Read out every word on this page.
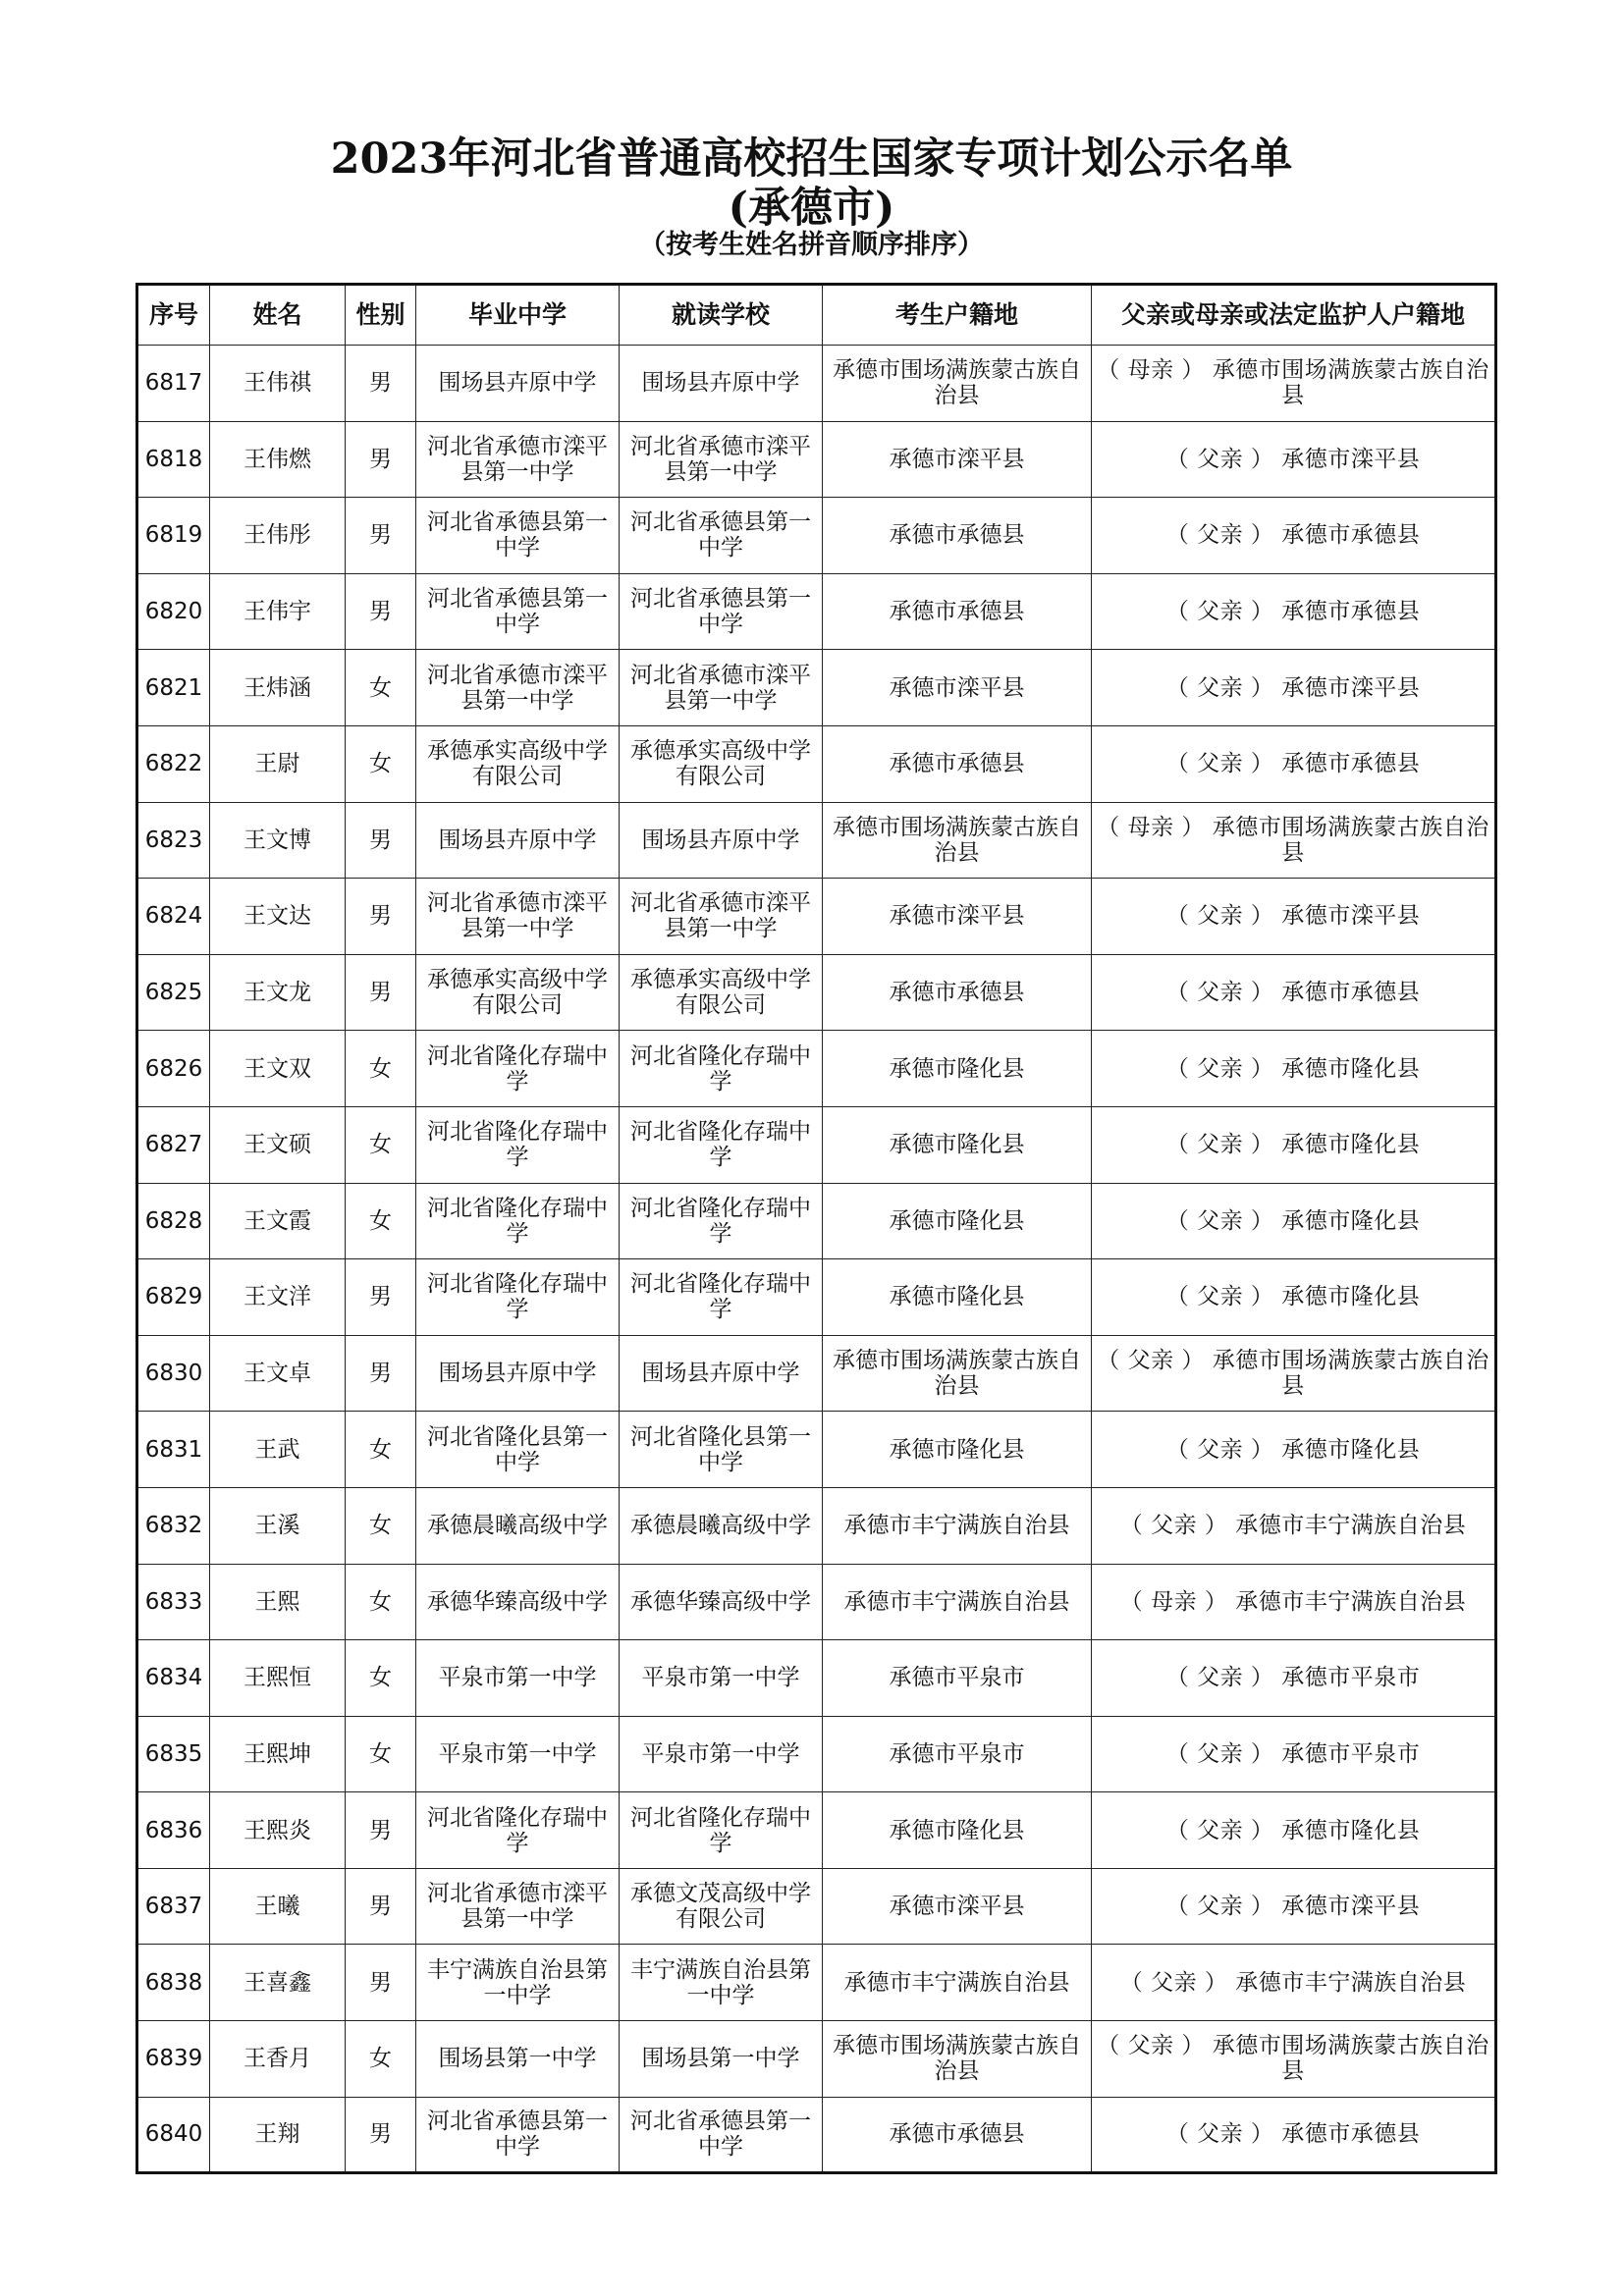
2023年河北省普通高校招生国家专项计划公示名单
(承德市)
（按考生姓名拼音顺序排序）
序号	姓名	性别	毕业中学	就读学校	考生户籍地	父亲或母亲或法定监护人户籍地
6817	王伟祺	男	围场县卉原中学	围场县卉原中学	承德市围场满族蒙古族自治县	（ 母亲 ） 承德市围场满族蒙古族自治县
6818	王伟燃	男	河北省承德市滦平县第一中学	河北省承德市滦平县第一中学	承德市滦平县	（ 父亲 ） 承德市滦平县
6819	王伟彤	男	河北省承德县第一中学	河北省承德县第一中学	承德市承德县	（ 父亲 ） 承德市承德县
6820	王伟宇	男	河北省承德县第一中学	河北省承德县第一中学	承德市承德县	（ 父亲 ） 承德市承德县
6821	王炜涵	女	河北省承德市滦平县第一中学	河北省承德市滦平县第一中学	承德市滦平县	（ 父亲 ） 承德市滦平县
6822	王尉	女	承德承实高级中学有限公司	承德承实高级中学有限公司	承德市承德县	（ 父亲 ） 承德市承德县
6823	王文博	男	围场县卉原中学	围场县卉原中学	承德市围场满族蒙古族自治县	（ 母亲 ） 承德市围场满族蒙古族自治县
6824	王文达	男	河北省承德市滦平县第一中学	河北省承德市滦平县第一中学	承德市滦平县	（ 父亲 ） 承德市滦平县
6825	王文龙	男	承德承实高级中学有限公司	承德承实高级中学有限公司	承德市承德县	（ 父亲 ） 承德市承德县
6826	王文双	女	河北省隆化存瑞中学	河北省隆化存瑞中学	承德市隆化县	（ 父亲 ） 承德市隆化县
6827	王文硕	女	河北省隆化存瑞中学	河北省隆化存瑞中学	承德市隆化县	（ 父亲 ） 承德市隆化县
6828	王文霞	女	河北省隆化存瑞中学	河北省隆化存瑞中学	承德市隆化县	（ 父亲 ） 承德市隆化县
6829	王文洋	男	河北省隆化存瑞中学	河北省隆化存瑞中学	承德市隆化县	（ 父亲 ） 承德市隆化县
6830	王文卓	男	围场县卉原中学	围场县卉原中学	承德市围场满族蒙古族自治县	（ 父亲 ） 承德市围场满族蒙古族自治县
6831	王武	女	河北省隆化县第一中学	河北省隆化县第一中学	承德市隆化县	（ 父亲 ） 承德市隆化县
6832	王溪	女	承德晨曦高级中学	承德晨曦高级中学	承德市丰宁满族自治县	（ 父亲 ） 承德市丰宁满族自治县
6833	王熙	女	承德华臻高级中学	承德华臻高级中学	承德市丰宁满族自治县	（ 母亲 ） 承德市丰宁满族自治县
6834	王熙恒	女	平泉市第一中学	平泉市第一中学	承德市平泉市	（ 父亲 ） 承德市平泉市
6835	王熙坤	女	平泉市第一中学	平泉市第一中学	承德市平泉市	（ 父亲 ） 承德市平泉市
6836	王熙炎	男	河北省隆化存瑞中学	河北省隆化存瑞中学	承德市隆化县	（ 父亲 ） 承德市隆化县
6837	王曦	男	河北省承德市滦平县第一中学	承德文茂高级中学有限公司	承德市滦平县	（ 父亲 ） 承德市滦平县
6838	王喜鑫	男	丰宁满族自治县第一中学	丰宁满族自治县第一中学	承德市丰宁满族自治县	（ 父亲 ） 承德市丰宁满族自治县
6839	王香月	女	围场县第一中学	围场县第一中学	承德市围场满族蒙古族自治县	（ 父亲 ） 承德市围场满族蒙古族自治县
6840	王翔	男	河北省承德县第一中学	河北省承德县第一中学	承德市承德县	（ 父亲 ） 承德市承德县
